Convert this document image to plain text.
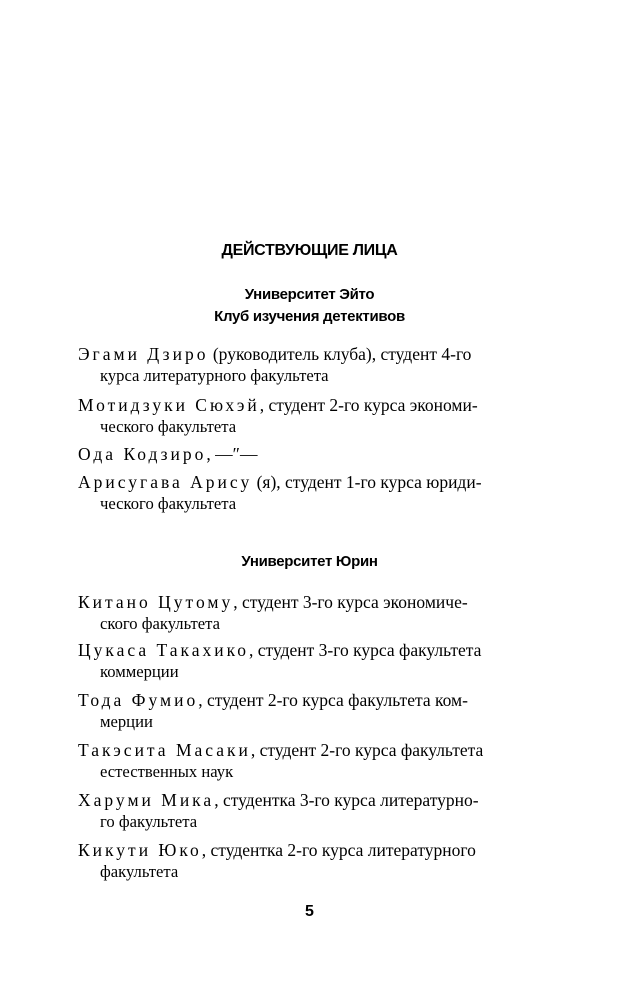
ДЕЙСТВУЮЩИЕ ЛИЦА
Университет Эйто
Клуб изучения детективов
Эгами Дзиро (руководитель клуба), студент 4-го
курса литературного факультета
Мотидзуки Сюхэй, студент 2-го курса экономи-
ческого факультета
Ода Кодзиро, —″—
Арисугава Арису (я), студент 1-го курса юриди-
ческого факультета
Университет Юрин
Китано Цутому, студент 3-го курса экономиче-
ского факультета
Цукаса Такахико, студент 3-го курса факультета
коммерции
Тода Фумио, студент 2-го курса факультета ком-
мерции
Такэсита Масаки, студент 2-го курса факультета
естественных наук
Харуми Мика, студентка 3-го курса литературно-
го факультета
Кикути Юко, студентка 2-го курса литературного
факультета
5
